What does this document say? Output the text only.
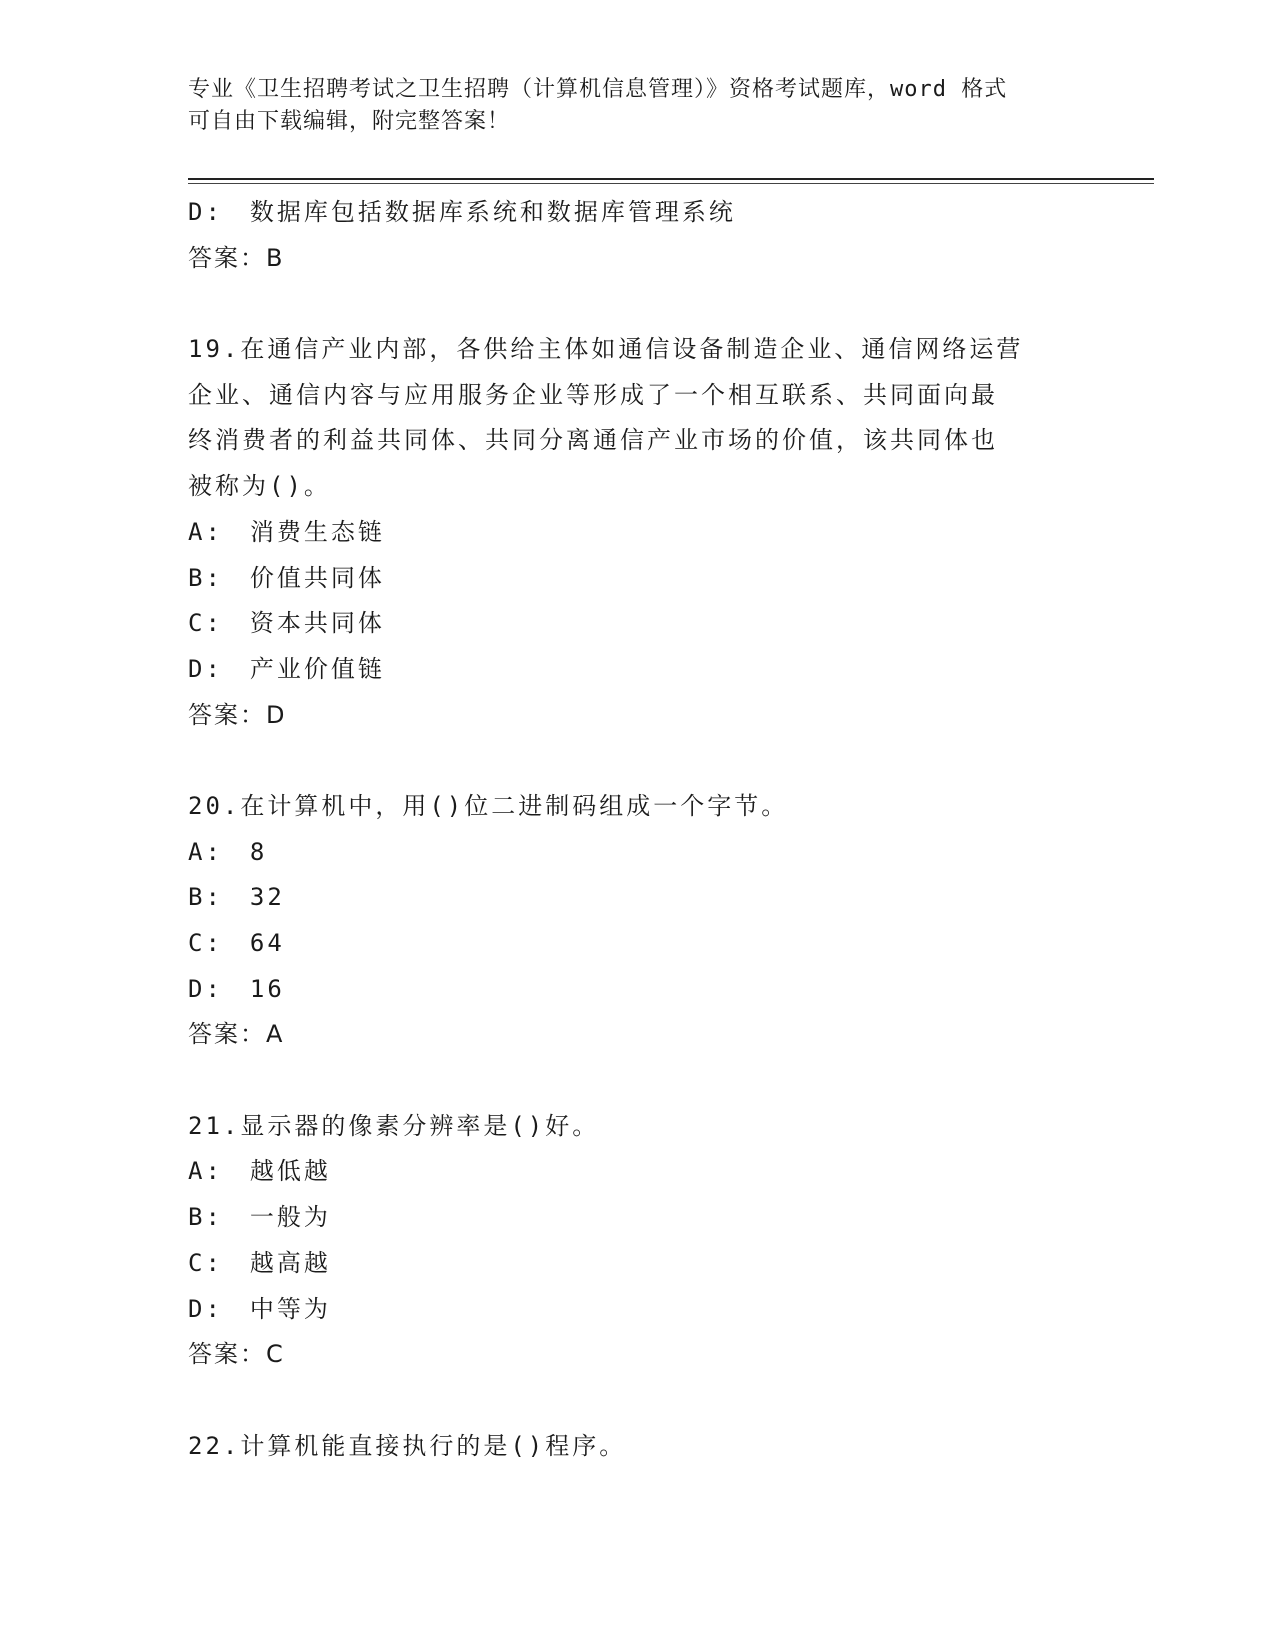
专业《卫生招聘考试之卫生招聘（计算机信息管理）》资格考试题库，word 格式
可自由下载编辑，附完整答案！
D:　数据库包括数据库系统和数据库管理系统
答案：B
19.在通信产业内部，各供给主体如通信设备制造企业、通信网络运营
企业、通信内容与应用服务企业等形成了一个相互联系、共同面向最
终消费者的利益共同体、共同分离通信产业市场的价值，该共同体也
被称为()。
A:　消费生态链
B:　价值共同体
C:　资本共同体
D:　产业价值链
答案：D
20.在计算机中，用()位二进制码组成一个字节。
A:　8
B:　32
C:　64
D:　16
答案：A
21.显示器的像素分辨率是()好。
A:　越低越
B:　一般为
C:　越高越
D:　中等为
答案：C
22.计算机能直接执行的是()程序。
